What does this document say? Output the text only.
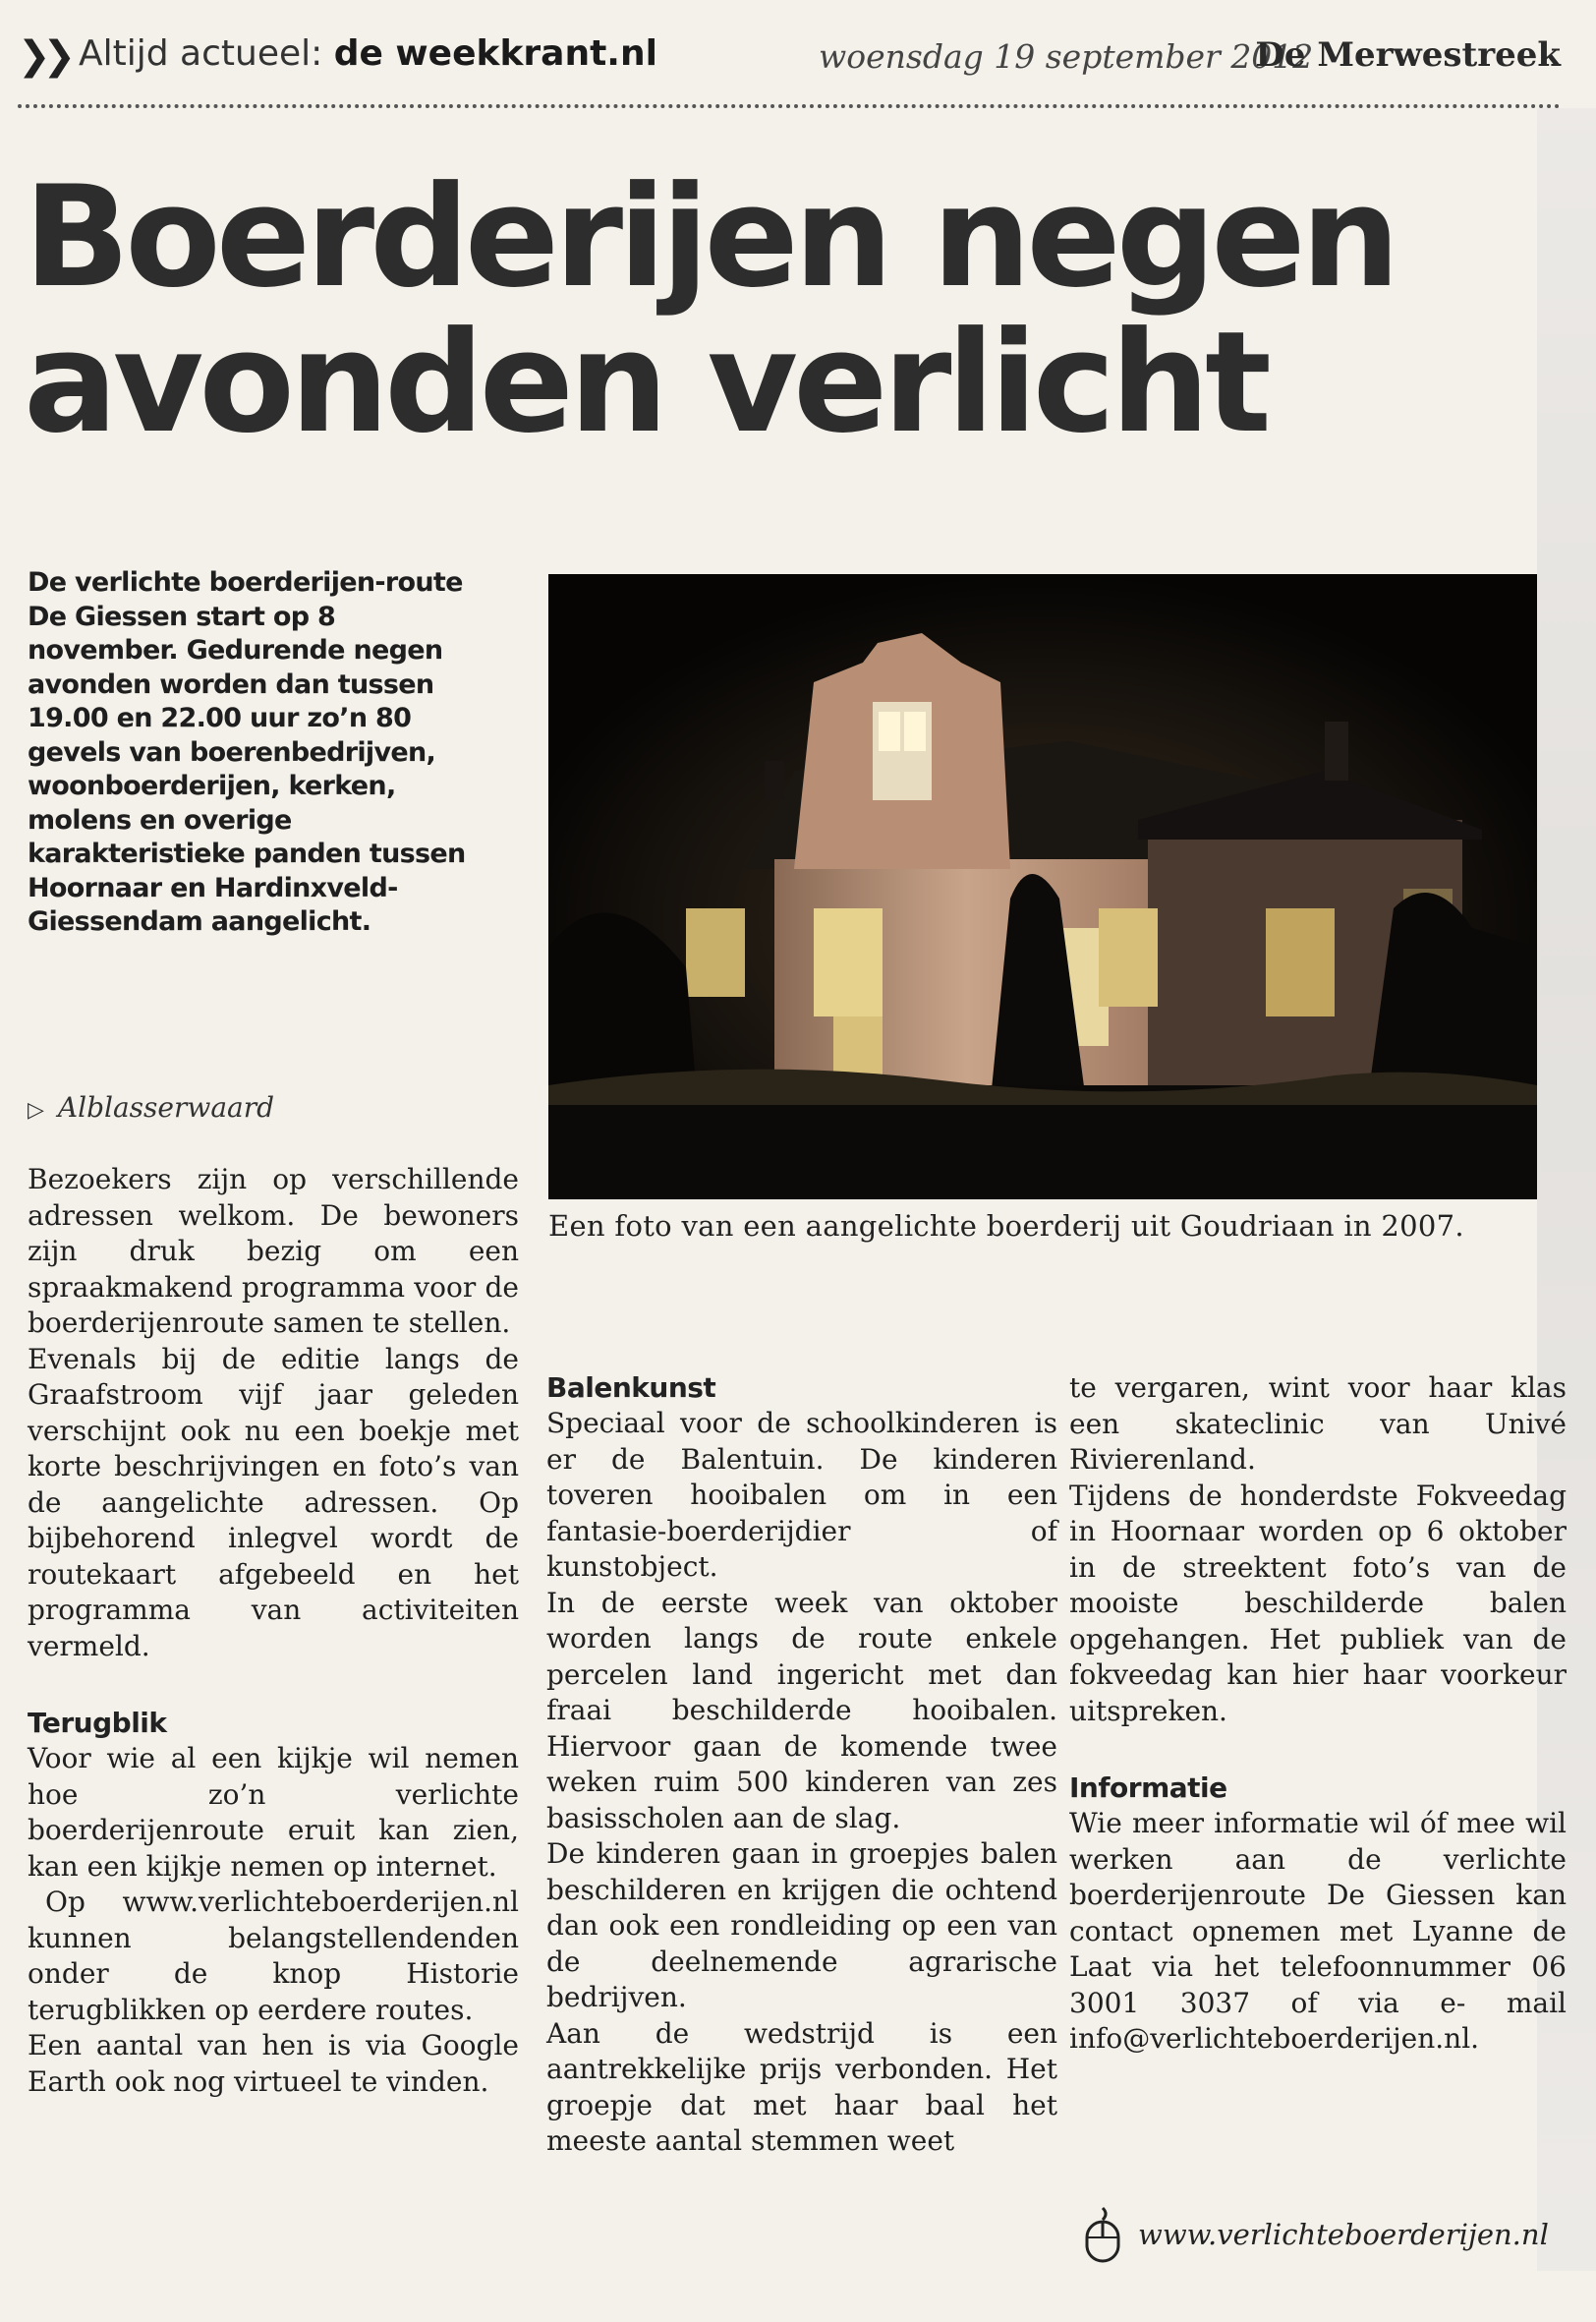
❯❯ Altijd actueel: de weekkrant.nl	woensdag 19 september 2012
De Merwestreek
Boerderijen negen
avonden verlicht
De verlichte boerderijen-route De Giessen start op 8 november. Gedurende negen avonden worden dan tussen 19.00 en 22.00 uur zo’n 80 gevels van boerenbedrijven, woonboerderijen, kerken, molens en overige karakteristieke panden tussen Hoornaar en Hardinxveld-Giessendam aangelicht.
▷ Alblasserwaard
Een foto van een aangelichte boerderij uit Goudriaan in 2007.

Bezoekers zijn op verschillende adressen welkom. De bewoners zijn druk bezig om een spraakmakend programma voor de boerderijenroute samen te stellen.

Evenals bij de editie langs de Graafstroom vijf jaar geleden verschijnt ook nu een boekje met korte beschrijvingen en foto’s van de aangelichte adressen. Op bijbehorend inlegvel wordt de routekaart afgebeeld en het programma van activiteiten vermeld.

Terugblik

Voor wie al een kijkje wil nemen hoe zo’n verlichte boerderijenroute eruit kan zien, kan een kijkje nemen op internet.

Op www.verlichteboerderijen.nl kunnen belangstellendenden onder de knop Historie terugblikken op eerdere routes.

Een aantal van hen is via Google Earth ook nog virtueel te vinden.

Balenkunst

Speciaal voor de schoolkinderen is er de Balentuin. De kinderen toveren hooibalen om in een fantasie-boerderijdier of kunstobject.

In de eerste week van oktober worden langs de route enkele percelen land ingericht met dan fraai beschilderde hooibalen. Hiervoor gaan de komende twee weken ruim 500 kinderen van zes basisscholen aan de slag.

De kinderen gaan in groepjes balen beschilderen en krijgen die ochtend dan ook een rondleiding op een van de deelnemende agrarische bedrijven.

Aan de wedstrijd is een aantrekkelijke prijs verbonden. Het groepje dat met haar baal het meeste aantal stemmen weet

te vergaren, wint voor haar klas een skateclinic van Univé Rivierenland.

Tijdens de honderdste Fokveedag in Hoornaar worden op 6 oktober in de streektent foto’s van de mooiste beschilderde balen opgehangen. Het publiek van de fokveedag kan hier haar voorkeur uitspreken.

Informatie

Wie meer informatie wil óf mee wil werken aan de verlichte boerderijenroute De Giessen kan contact opnemen met Lyanne de Laat via het telefoonnummer 06 3001 3037 of via e- mail info@verlichteboerderijen.nl.

www.verlichteboerderijen.nl
